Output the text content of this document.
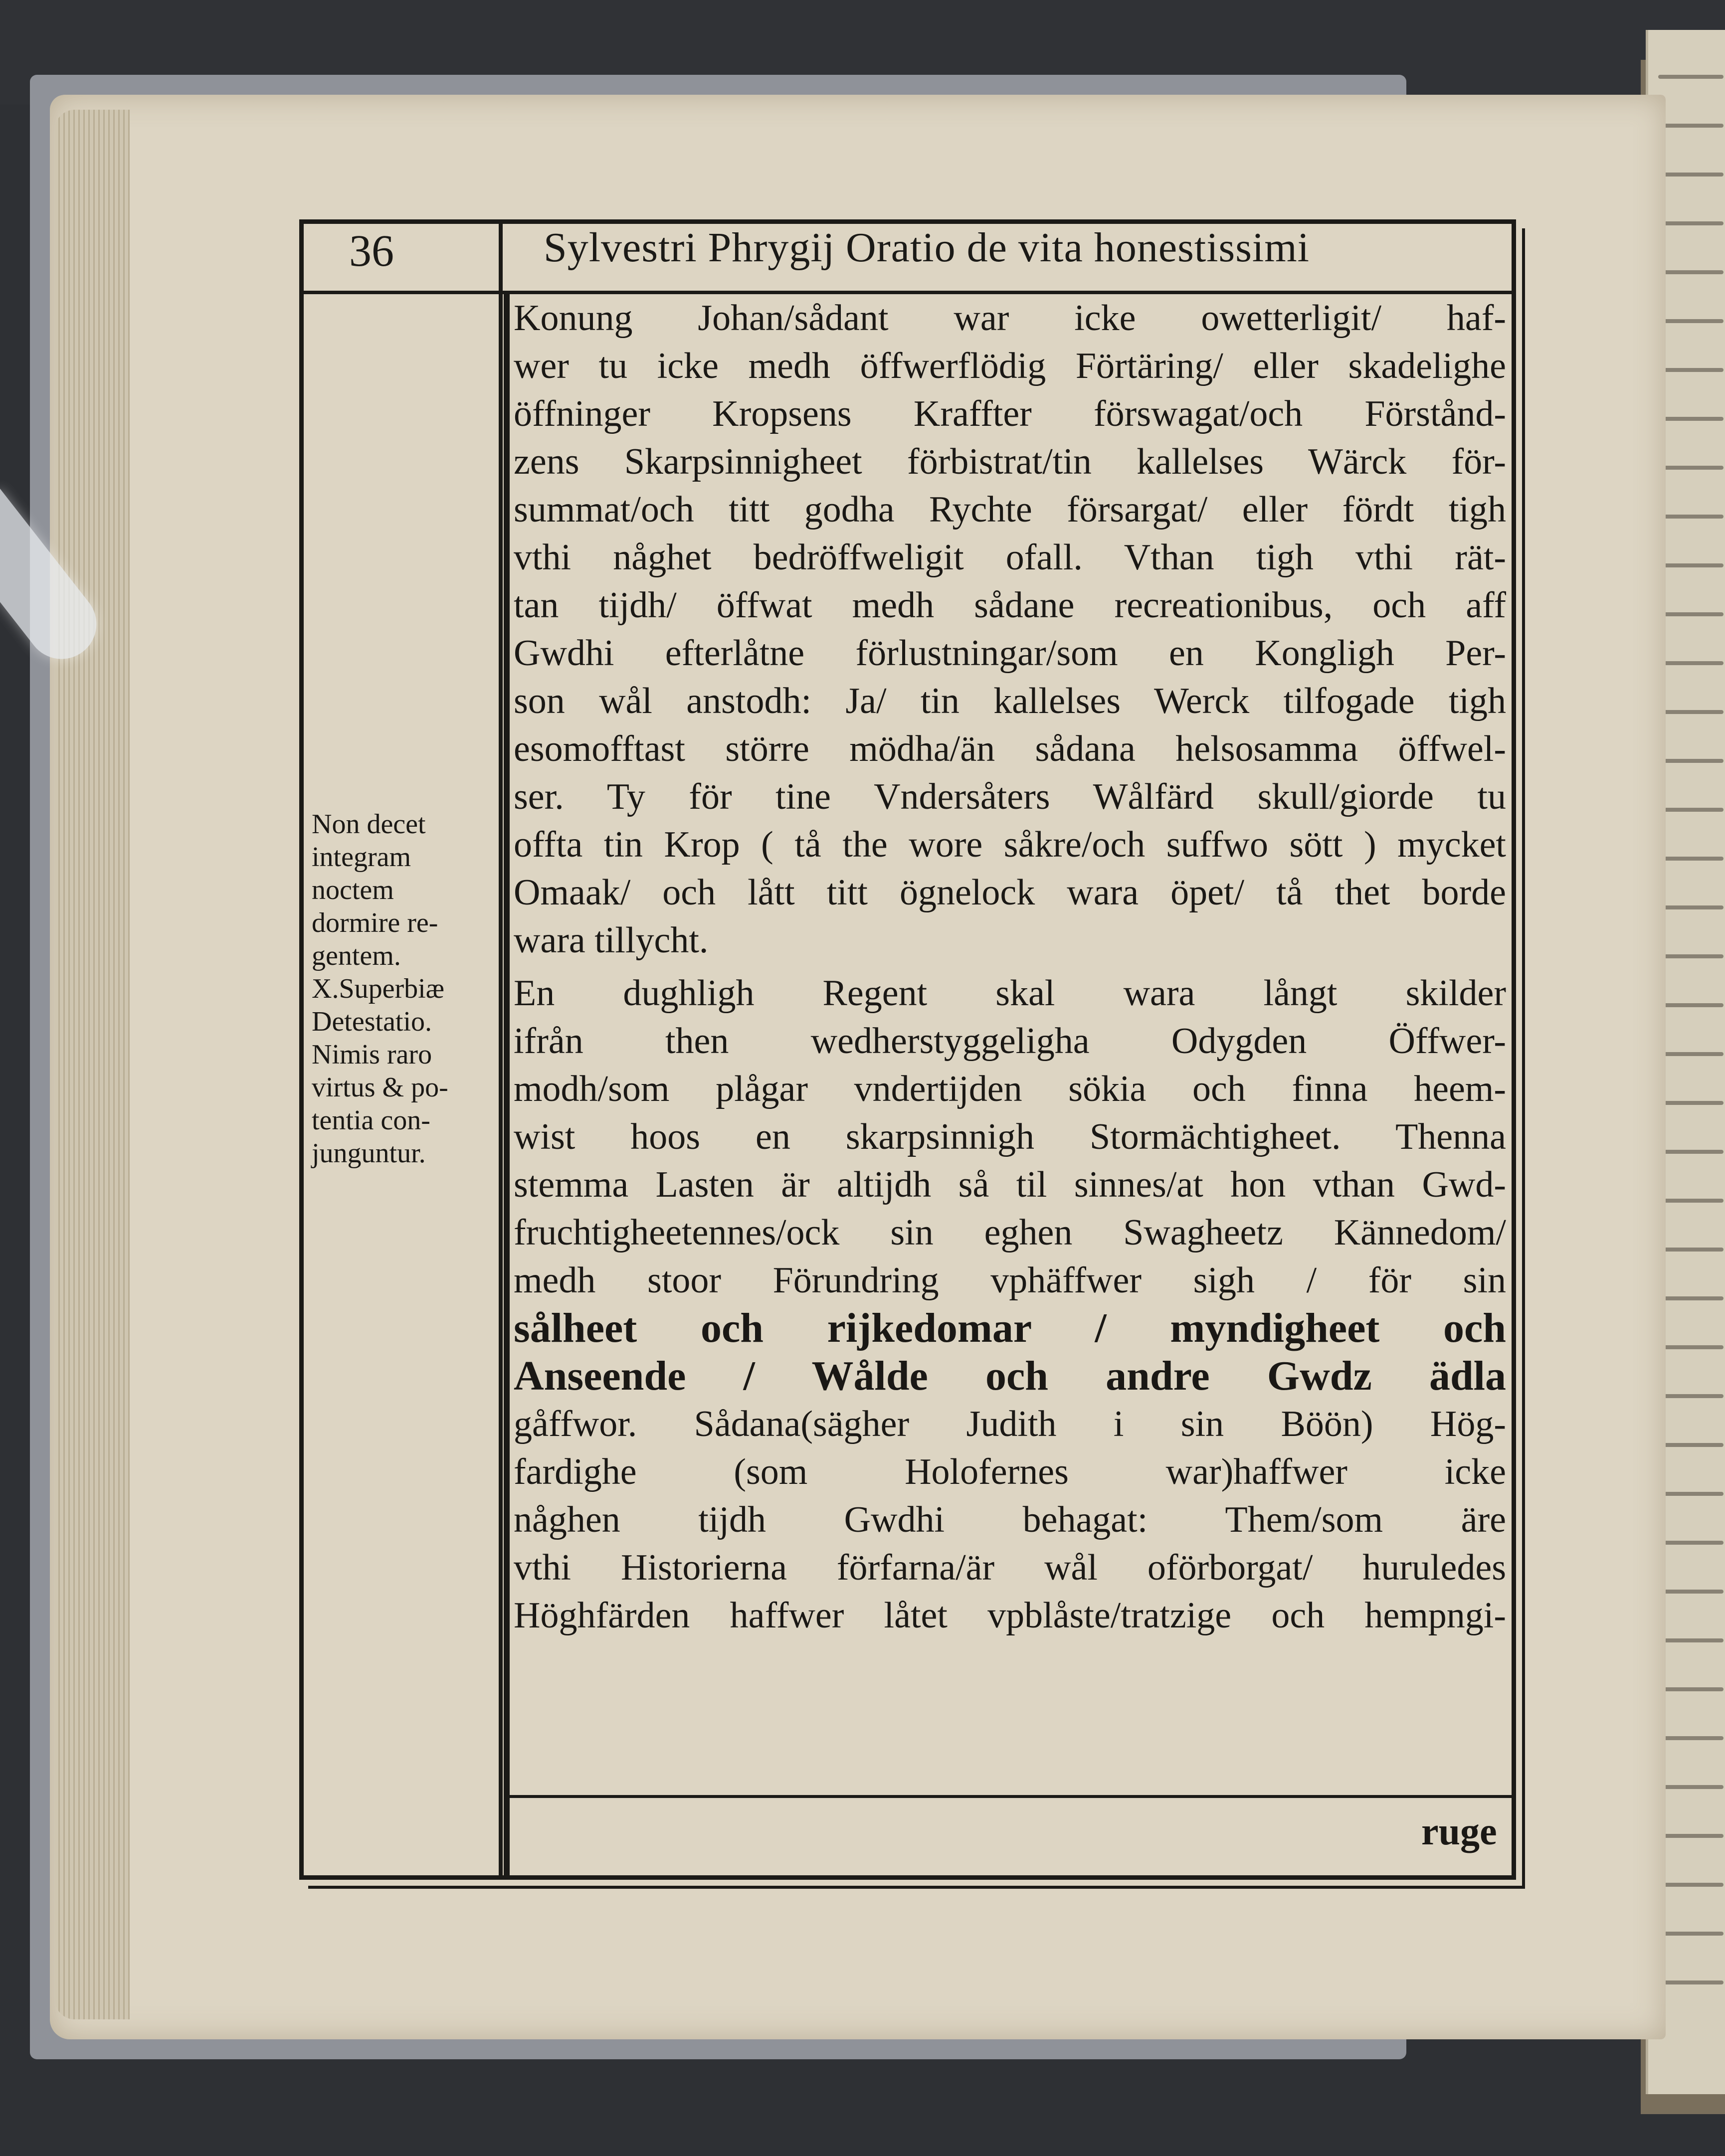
36	Sylvestri Phrygij Oratio de vita honestissimi

Non decet
integram
noctem
dormire re-
gentem.
X.Superbiæ
Detestatio.
Nimis raro
virtus & po-
tentia con-
junguntur.
Konung Johan/sådant war icke owetterligit/ haf-
wer tu icke medh öffwerflödig Förtäring/ eller skadelighe
öffninger Kropsens Kraffter förswagat/och Förstånd-
zens Skarpsinnigheet förbistrat/tin kallelses Wärck för-
summat/och titt godha Rychte försargat/ eller fördt tigh
vthi någhet bedröffweligit ofall. Vthan tigh vthi rät-
tan tijdh/ öffwat medh sådane recreationibus, och aff
Gwdhi efterlåtne förlustningar/som en Kongligh Per-
son wål anstodh: Ja/ tin kallelses Werck tilfogade tigh
esomofftast större mödha/än sådana helsosamma öffwel-
ser. Ty för tine Vndersåters Wålfärd skull/giorde tu
offta tin Krop ( tå the wore såkre/och suffwo sött ) mycket
Omaak/ och lått titt ögnelock wara öpet/ tå thet borde
wara tillycht.
En dughligh Regent skal wara långt skilder
ifrån then wedherstyggeligha Odygden Öffwer-
modh/som plågar vndertijden sökia och finna heem-
wist hoos en skarpsinnigh Stormächtigheet. Thenna
stemma Lasten är altijdh så til sinnes/at hon vthan Gwd-
fruchtigheetennes/ock sin eghen Swagheetz Kännedom/
medh stoor Förundring vphäffwer sigh / för sin
sålheet och rijkedomar / myndigheet och
Anseende / Wålde och andre Gwdz ädla
gåffwor. Sådana(sägher Judith i sin Böön) Hög-
fardighe (som Holofernes war)haffwer icke
någhen tijdh Gwdhi behagat: Them/som äre
vthi Historierna förfarna/är wål oförborgat/ huruledes
Höghfärden haffwer låtet vpblåste/tratzige och hempngi-
ruge
